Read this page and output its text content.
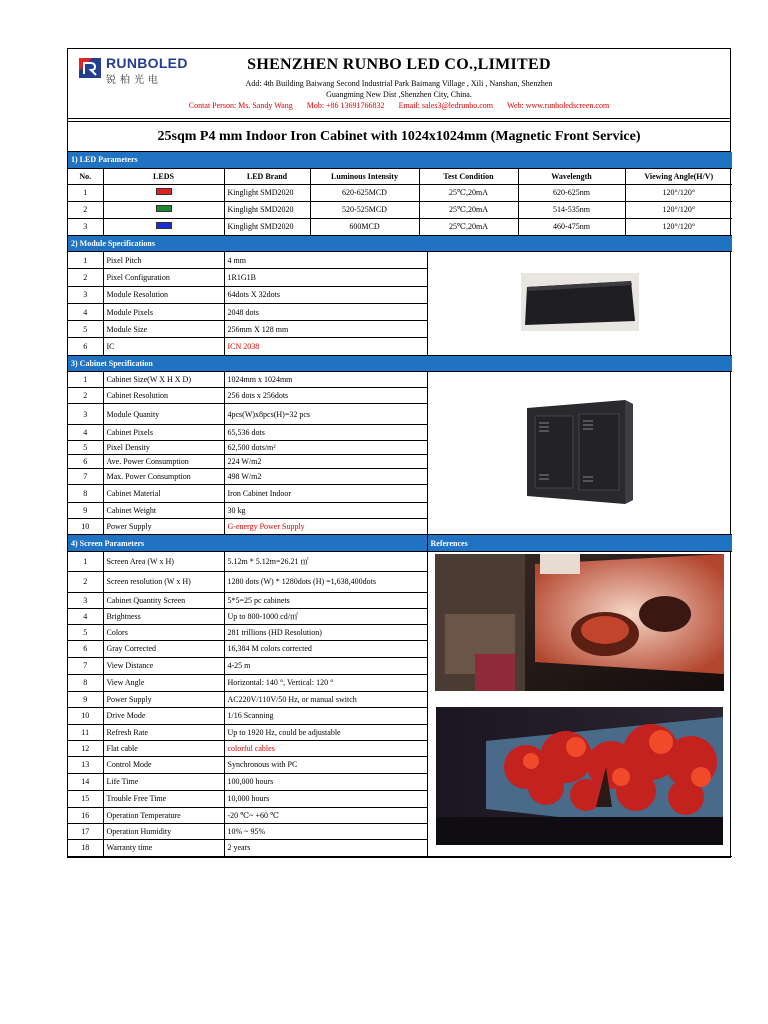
RUNBOLED
锐柏光电
SHENZHEN RUNBO LED CO.,LIMITED
Add: 4th Building Baiwang Second Industrial Park Baimang Village , Xili , Nanshan, Shenzhen
Guangming New Dist ,Shenzhen City, China.
Contat Person: Ms. Sandy Wang Mob: +86 13691766832 Email: sales3@ledrunbo.com Web: www.runboledscreen.com
25sqm P4 mm Indoor Iron Cabinet with 1024x1024mm (Magnetic Front Service)
1) LED Parameters						
No.	LEDS	LED Brand	Luminous Intensity	Test Condition	Wavelength	Viewing Angle(H/V)
1		Kinglight SMD2020	620-625MCD	25℃,20mA	620-625nm	120°/120°
2		Kinglight SMD2020	520-525MCD	25℃,20mA	514-535nm	120°/120°
3		Kinglight SMD2020	600MCD	25℃,20mA	460-475nm	120°/120°
2) Module Specifications			
1	Pixel Pitch	4 mm	
2	Pixel Configuration	1R1G1B	
3	Module Resolution	64dots X 32dots	
4	Module Pixels	2048 dots	
5	Module Size	256mm X 128 mm	
6	IC	ICN 2038	
3) Cabinet Specification			
1	Cabinet Size(W X H X D)	1024mm x 1024mm	
2	Cabinet Resolution	256 dots x 256dots	
3	Module Quanity	4pcs(W)x8pcs(H)=32 pcs	
4	Cabinet Pixels	65,536 dots	
5	Pixel Density	62,500 dots/m²	
6	Ave. Power Consumption	224 W/m2	
7	Max. Power Consumption	498 W/m2	
8	Cabinet Material	Iron Cabinet Indoor	
9	Cabinet Weight	30 kg	
10	Power Supply	G-energy Power Supply	
4) Screen Parameters			References
1	Screen Area (W x H)	5.12m * 5.12m=26.21 ㎡	

2	Screen resolution (W x H)	1280 dots (W) * 1280dots (H) =1,638,400dots	
3	Cabinet Quantity Screen	5*5=25 pc cabinets	
4	Brightness	Up to 800-1000 cd/㎡	
5	Colors	281 trillions (HD Resolution)	
6	Gray Corrected	16,384 M colors corrected	
7	View Distance	4-25 m	
8	View Angle	Horizontal: 140 °, Vertical: 120 °	
9	Power Supply	AC220V/110V/50 Hz, or manual switch	
10	Drive Mode	1/16 Scanning	
11	Refresh Rate	Up to 1920 Hz, could be adjustable	
12	Flat cable	colorful cables	
13	Control Mode	Synchronous with PC	
14	Life Time	100,000 hours	
15	Trouble Free Time	10,000 hours	
16	Operation Temperature	-20 ℃~ +60 ℃	
17	Operation Humidity	10% ~ 95%	
18	Warranty time	2 years	
